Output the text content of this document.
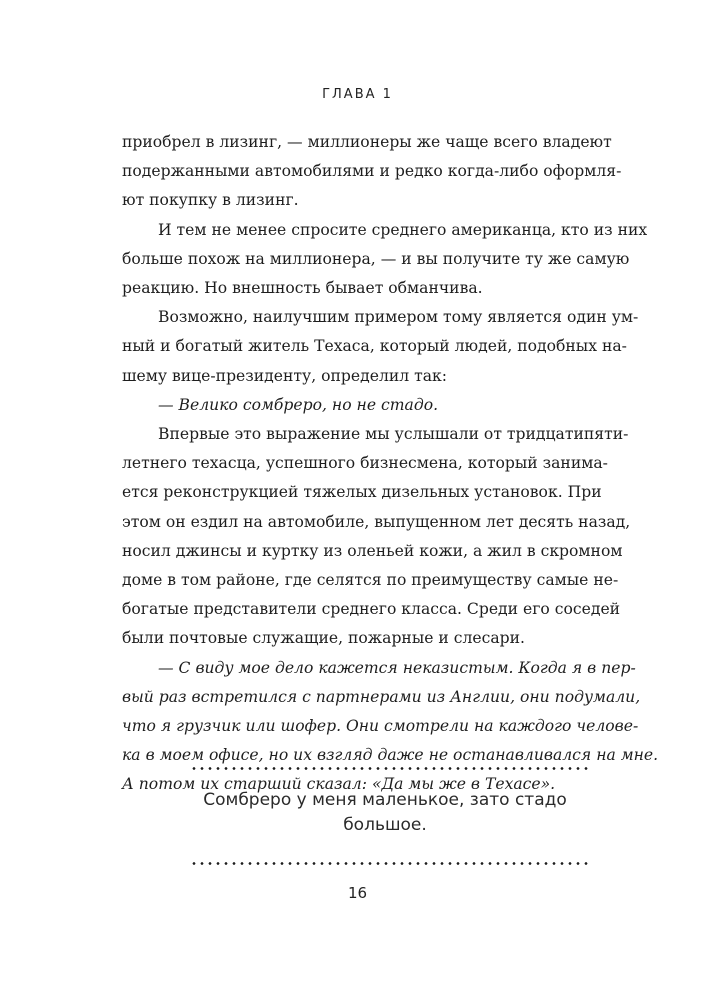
ГЛАВА 1
приобрел в лизинг, — миллионеры же чаще всего владеют
подержанными автомобилями и редко когда-либо оформля-
ют покупку в лизинг.
И тем не менее спросите среднего американца, кто из них
больше похож на миллионера, — и вы получите ту же самую
реакцию. Но внешность бывает обманчива.
Возможно, наилучшим примером тому является один ум-
ный и богатый житель Техаса, который людей, подобных на-
шему вице-президенту, определил так:
— Велико сомбреро, но не стадо.
Впервые это выражение мы услышали от тридцатипяти-
летнего техасца, успешного бизнесмена, который занима-
ется реконструкцией тяжелых дизельных установок. При
этом он ездил на автомобиле, выпущенном лет десять назад,
носил джинсы и куртку из оленьей кожи, а жил в скромном
доме в том районе, где селятся по преимуществу самые не-
богатые представители среднего класса. Среди его соседей
были почтовые служащие, пожарные и слесари.
— С виду мое дело кажется неказистым. Когда я в пер-
вый раз встретился с партнерами из Англии, они подумали,
что я грузчик или шофер. Они смотрели на каждого челове-
ка в моем офисе, но их взгляд даже не останавливался на мне.
А потом их старший сказал: «Да мы же в Техасе».
Сомбреро у меня маленькое, зато стадо
большое.
16
